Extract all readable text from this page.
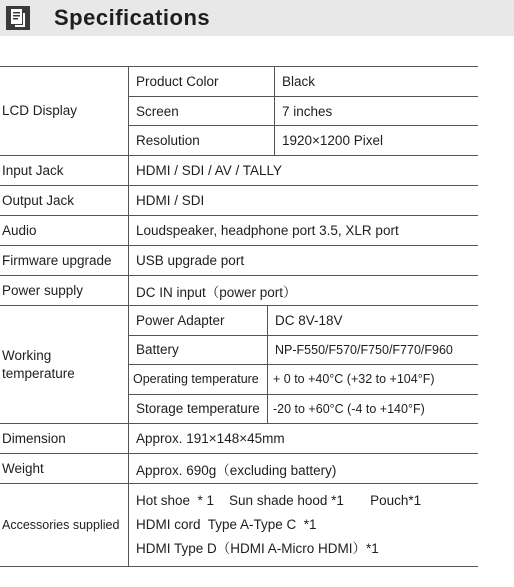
Specifications
LCD Display
Product Color	Black
Screen	7 inches
Resolution	1920×1200 Pixel
Input Jack	HDMI / SDI / AV / TALLY
Output Jack	HDMI / SDI
Audio	Loudspeaker, headphone port 3.5, XLR port
Firmware upgrade	USB upgrade port
Power supply	DC IN input（power port）
Working
temperature
Power Adapter	DC 8V-18V
Battery	NP-F550/F570/F750/F770/F960
Operating temperature	+ 0 to +40°C (+32 to +104°F)
Storage temperature	-20 to +60°C (-4 to +140°F)
Dimension	Approx. 191×148×45mm
Weight	Approx. 690g（excluding battery)
Accessories supplied
Hot shoe  * 1    Sun shade hood *1       Pouch*1
HDMI cord  Type A-Type C  *1
HDMI Type D（HDMI A-Micro HDMI）*1
